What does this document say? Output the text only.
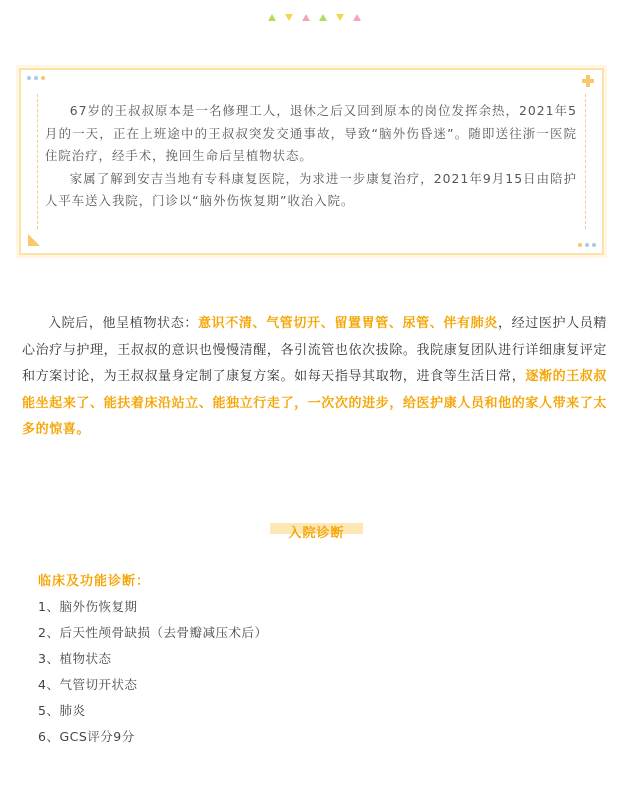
67岁的王叔叔原本是一名修理工人，退休之后又回到原本的岗位发挥余热，2021年5月的一天，正在上班途中的王叔叔突发交通事故，导致“脑外伤昏迷”。随即送往浙一医院住院治疗，经手术，挽回生命后呈植物状态。

家属了解到安吉当地有专科康复医院，为求进一步康复治疗，2021年9月15日由陪护人平车送入我院，门诊以“脑外伤恢复期”收治入院。

入院后，他呈植物状态：意识不清、气管切开、留置胃管、尿管、伴有肺炎，经过医护人员精心治疗与护理，王叔叔的意识也慢慢清醒，各引流管也依次拔除。我院康复团队进行详细康复评定和方案讨论，为王叔叔量身定制了康复方案。如每天指导其取物，进食等生活日常，逐渐的王叔叔能坐起来了、能扶着床沿站立、能独立行走了，一次次的进步，给医护康人员和他的家人带来了太多的惊喜。

入院诊断
临床及功能诊断：
1、脑外伤恢复期
2、后天性颅骨缺损（去骨瓣减压术后）
3、植物状态
4、气管切开状态
5、肺炎
6、GCS评分9分
